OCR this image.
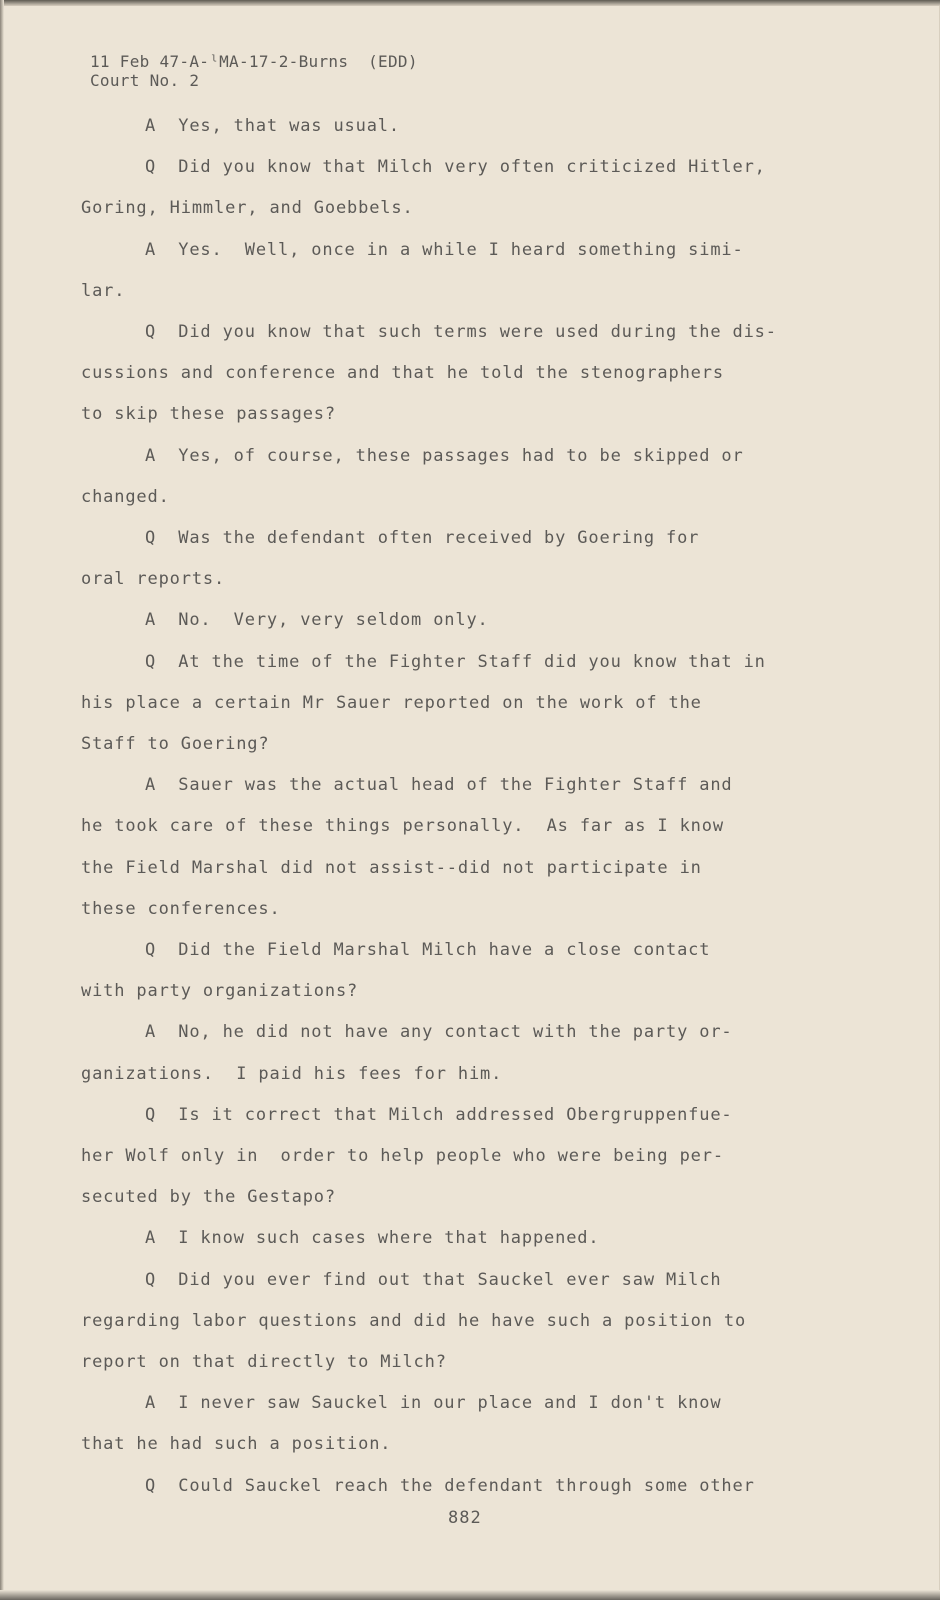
11 Feb 47-A-ˡMA-17-2-Burns  (EDD)
Court No. 2
A  Yes, that was usual.
Q  Did you know that Milch very often criticized Hitler,
Goring, Himmler, and Goebbels.
A  Yes.  Well, once in a while I heard something simi-
lar.
Q  Did you know that such terms were used during the dis-
cussions and conference and that he told the stenographers
to skip these passages?
A  Yes, of course, these passages had to be skipped or
changed.
Q  Was the defendant often received by Goering for
oral reports.
A  No.  Very, very seldom only.
Q  At the time of the Fighter Staff did you know that in
his place a certain Mr Sauer reported on the work of the
Staff to Goering?
A  Sauer was the actual head of the Fighter Staff and
he took care of these things personally.  As far as I know
the Field Marshal did not assist--did not participate in
these conferences.
Q  Did the Field Marshal Milch have a close contact
with party organizations?
A  No, he did not have any contact with the party or-
ganizations.  I paid his fees for him.
Q  Is it correct that Milch addressed Obergruppenfue-
her Wolf only in  order to help people who were being per-
secuted by the Gestapo?
A  I know such cases where that happened.
Q  Did you ever find out that Sauckel ever saw Milch
regarding labor questions and did he have such a position to
report on that directly to Milch?
A  I never saw Sauckel in our place and I don't know
that he had such a position.
Q  Could Sauckel reach the defendant through some other
882
